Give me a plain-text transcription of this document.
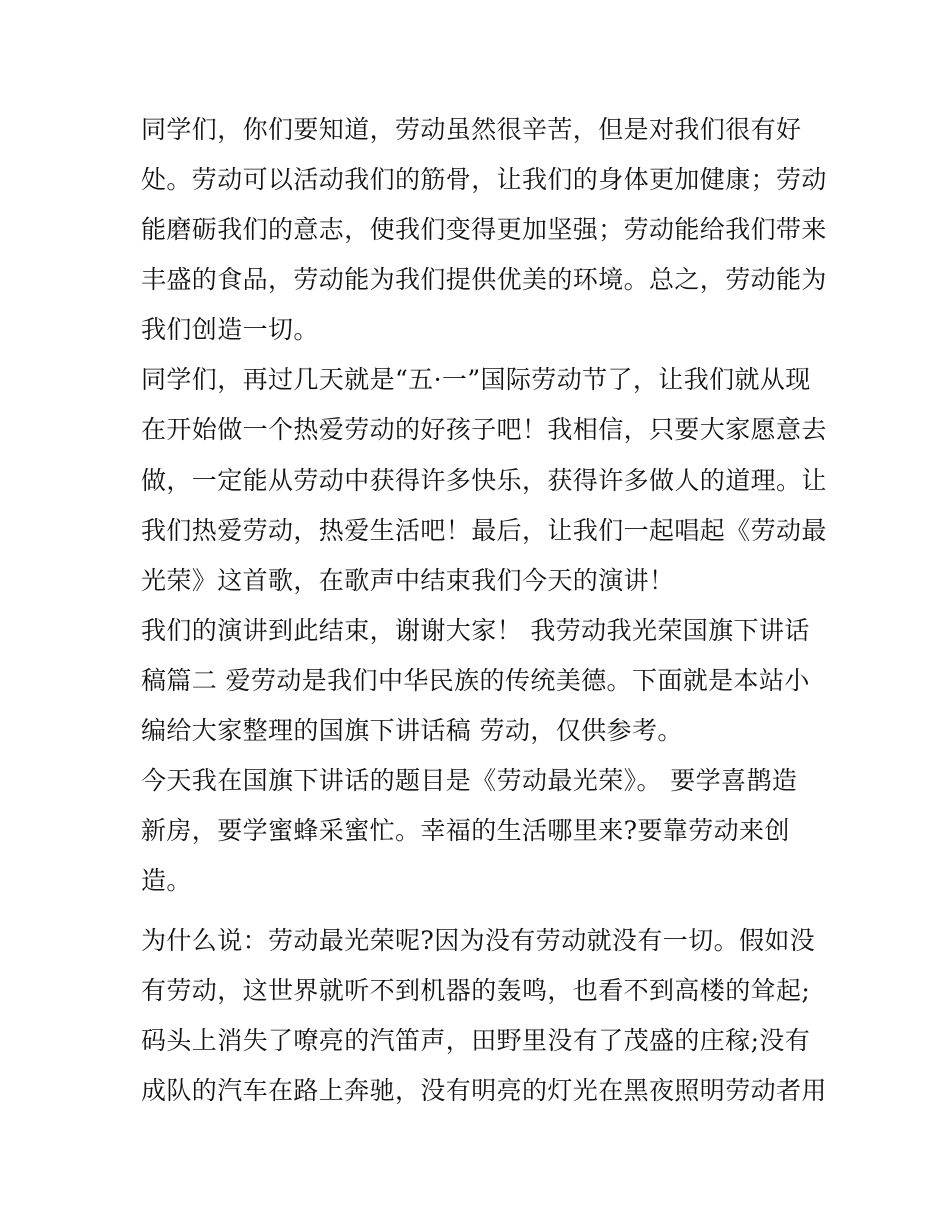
同学们，你们要知道，劳动虽然很辛苦，但是对我们很有好
处。劳动可以活动我们的筋骨，让我们的身体更加健康；劳动
能磨砺我们的意志，使我们变得更加坚强；劳动能给我们带来
丰盛的食品，劳动能为我们提供优美的环境。总之，劳动能为
我们创造一切。
同学们，再过几天就是“五·一”国际劳动节了，让我们就从现
在开始做一个热爱劳动的好孩子吧！我相信，只要大家愿意去
做，一定能从劳动中获得许多快乐，获得许多做人的道理。让
我们热爱劳动，热爱生活吧！最后，让我们一起唱起《劳动最
光荣》这首歌，在歌声中结束我们今天的演讲！
我们的演讲到此结束，谢谢大家！ 我劳动我光荣国旗下讲话
稿篇二 爱劳动是我们中华民族的传统美德。下面就是本站小
编给大家整理的国旗下讲话稿 劳动，仅供参考。
今天我在国旗下讲话的题目是《劳动最光荣》。 要学喜鹊造
新房，要学蜜蜂采蜜忙。幸福的生活哪里来?要靠劳动来创
造。
为什么说：劳动最光荣呢?因为没有劳动就没有一切。假如没
有劳动，这世界就听不到机器的轰鸣，也看不到高楼的耸起;
码头上消失了嘹亮的汽笛声，田野里没有了茂盛的庄稼;没有
成队的汽车在路上奔驰，没有明亮的灯光在黑夜照明劳动者用
